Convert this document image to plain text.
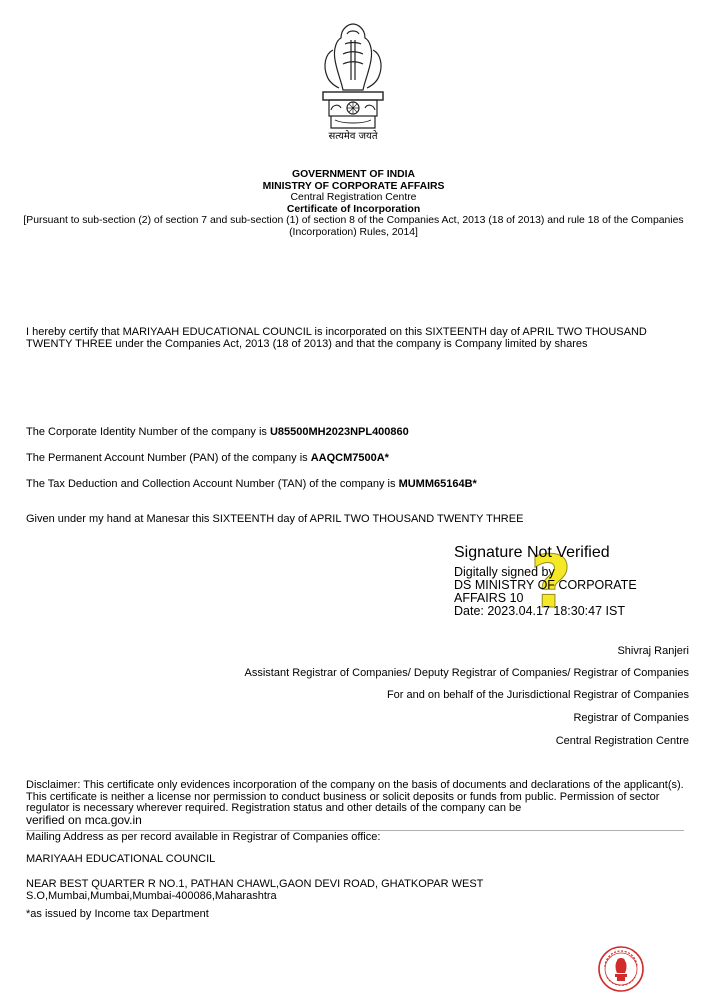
सत्यमेव जयते
GOVERNMENT OF INDIA
MINISTRY OF CORPORATE AFFAIRS
Central Registration Centre
Certificate of Incorporation
[Pursuant to sub-section (2) of section 7 and sub-section (1) of section 8 of the Companies Act, 2013 (18 of 2013) and rule 18 of the Companies (Incorporation) Rules, 2014]
I hereby certify that MARIYAAH EDUCATIONAL COUNCIL is incorporated on this SIXTEENTH day of APRIL TWO THOUSAND TWENTY THREE under the Companies Act, 2013 (18 of 2013) and that the company is Company limited by shares
The Corporate Identity Number of the company is U85500MH2023NPL400860
The Permanent Account Number (PAN) of the company is AAQCM7500A*
The Tax Deduction and Collection Account Number (TAN) of the company is MUMM65164B*
Given under my hand at Manesar this SIXTEENTH day of APRIL TWO THOUSAND TWENTY THREE
?
Signature Not Verified
Digitally signed by
DS MINISTRY OF CORPORATE
AFFAIRS 10
Date: 2023.04.17 18:30:47 IST
Shivraj Ranjeri
Assistant Registrar of Companies/ Deputy Registrar of Companies/ Registrar of Companies
For and on behalf of the Jurisdictional Registrar of Companies
Registrar of Companies
Central Registration Centre
Disclaimer: This certificate only evidences incorporation of the company on the basis of documents and declarations of the applicant(s). This certificate is neither a license nor permission to conduct business or solicit deposits or funds from public. Permission of sector regulator is necessary wherever required. Registration status and other details of the company can be
verified on mca.gov.in
Mailing Address as per record available in Registrar of Companies office:
MARIYAAH EDUCATIONAL COUNCIL
NEAR BEST QUARTER R NO.1, PATHAN CHAWL,GAON DEVI ROAD, GHATKOPAR WEST
S.O,Mumbai,Mumbai,Mumbai-400086,Maharashtra
*as issued by Income tax Department
